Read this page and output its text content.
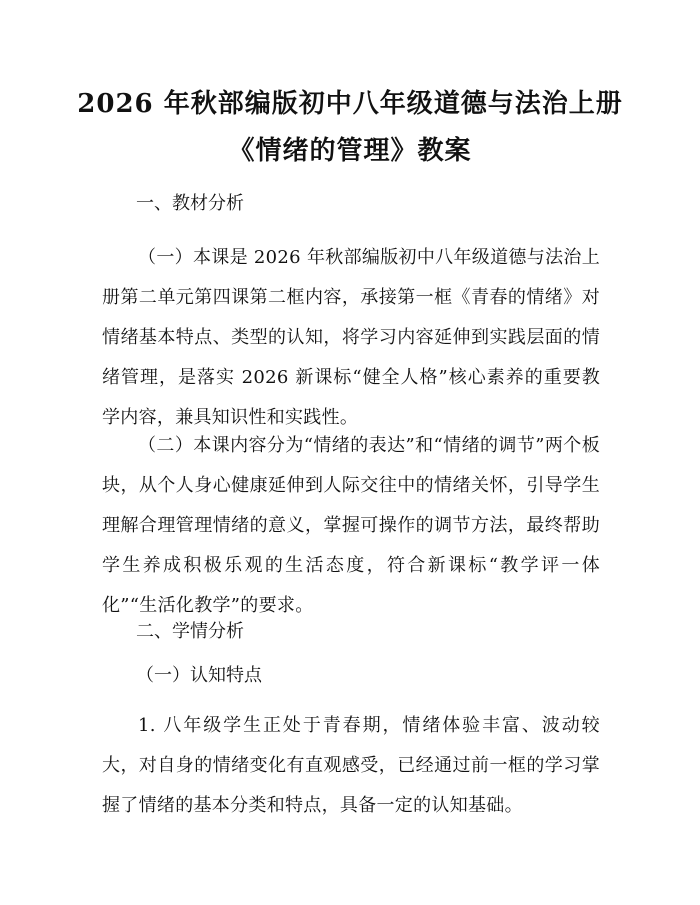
2026 年秋部编版初中八年级道德与法治上册
《情绪的管理》教案
一、教材分析
（一）本课是 2026 年秋部编版初中八年级道德与法治上册第二单元第四课第二框内容，承接第一框《青春的情绪》对情绪基本特点、类型的认知，将学习内容延伸到实践层面的情绪管理，是落实 2026 新课标“健全人格”核心素养的重要教学内容，兼具知识性和实践性。
（二）本课内容分为“情绪的表达”和“情绪的调节”两个板块，从个人身心健康延伸到人际交往中的情绪关怀，引导学生理解合理管理情绪的意义，掌握可操作的调节方法，最终帮助学生养成积极乐观的生活态度，符合新课标“教学评一体化”“生活化教学”的要求。
二、学情分析
（一）认知特点
1. 八年级学生正处于青春期，情绪体验丰富、波动较大，对自身的情绪变化有直观感受，已经通过前一框的学习掌握了情绪的基本分类和特点，具备一定的认知基础。
